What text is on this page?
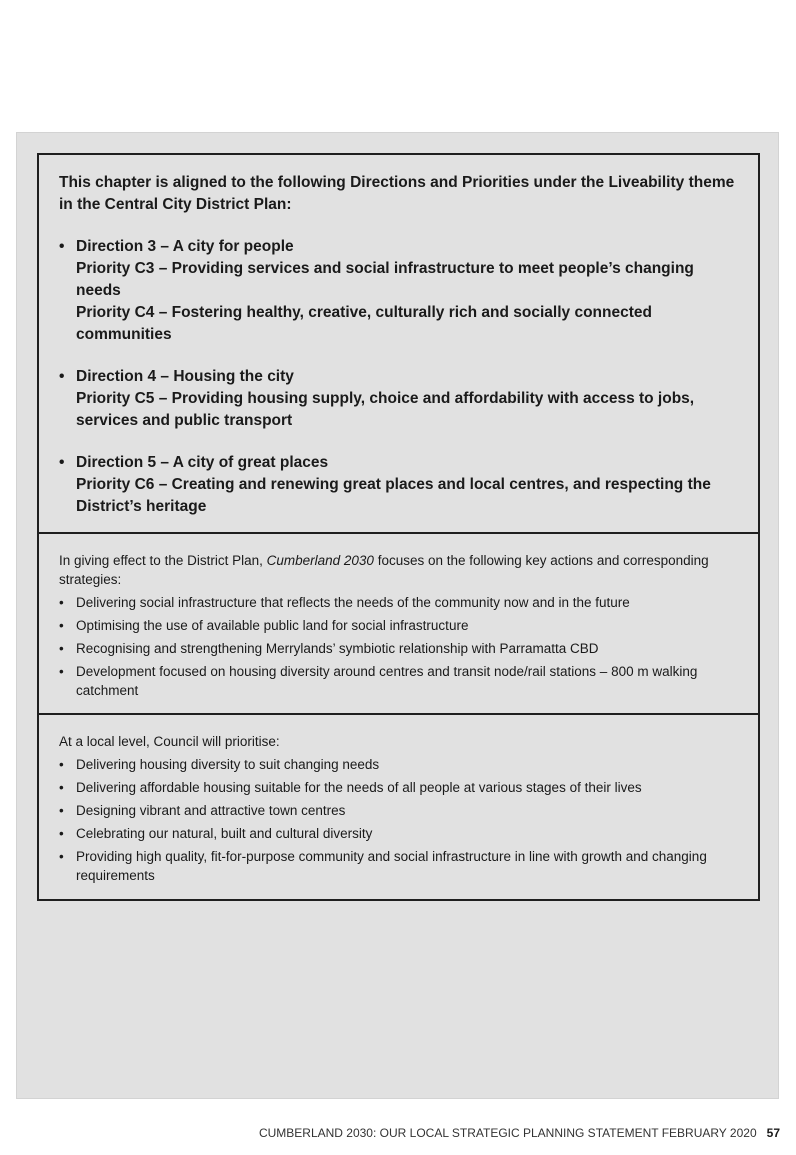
This chapter is aligned to the following Directions and Priorities under the Liveability theme in the Central City District Plan:

• Direction 3 – A city for people
Priority C3 – Providing services and social infrastructure to meet people’s changing needs
Priority C4 – Fostering healthy, creative, culturally rich and socially connected communities
• Direction 4 – Housing the city
Priority C5 – Providing housing supply, choice and affordability with access to jobs, services and public transport
• Direction 5 – A city of great places
Priority C6 – Creating and renewing great places and local centres, and respecting the District’s heritage

In giving effect to the District Plan, Cumberland 2030 focuses on the following key actions and corresponding strategies:

• Delivering social infrastructure that reflects the needs of the community now and in the future
• Optimising the use of available public land for social infrastructure
• Recognising and strengthening Merrylands’ symbiotic relationship with Parramatta CBD
• Development focused on housing diversity around centres and transit node/rail stations – 800 m walking catchment

At a local level, Council will prioritise:

• Delivering housing diversity to suit changing needs
• Delivering affordable housing suitable for the needs of all people at various stages of their lives
• Designing vibrant and attractive town centres
• Celebrating our natural, built and cultural diversity
• Providing high quality, fit-for-purpose community and social infrastructure in line with growth and changing requirements
CUMBERLAND 2030: OUR LOCAL STRATEGIC PLANNING STATEMENT FEBRUARY 2020 57
